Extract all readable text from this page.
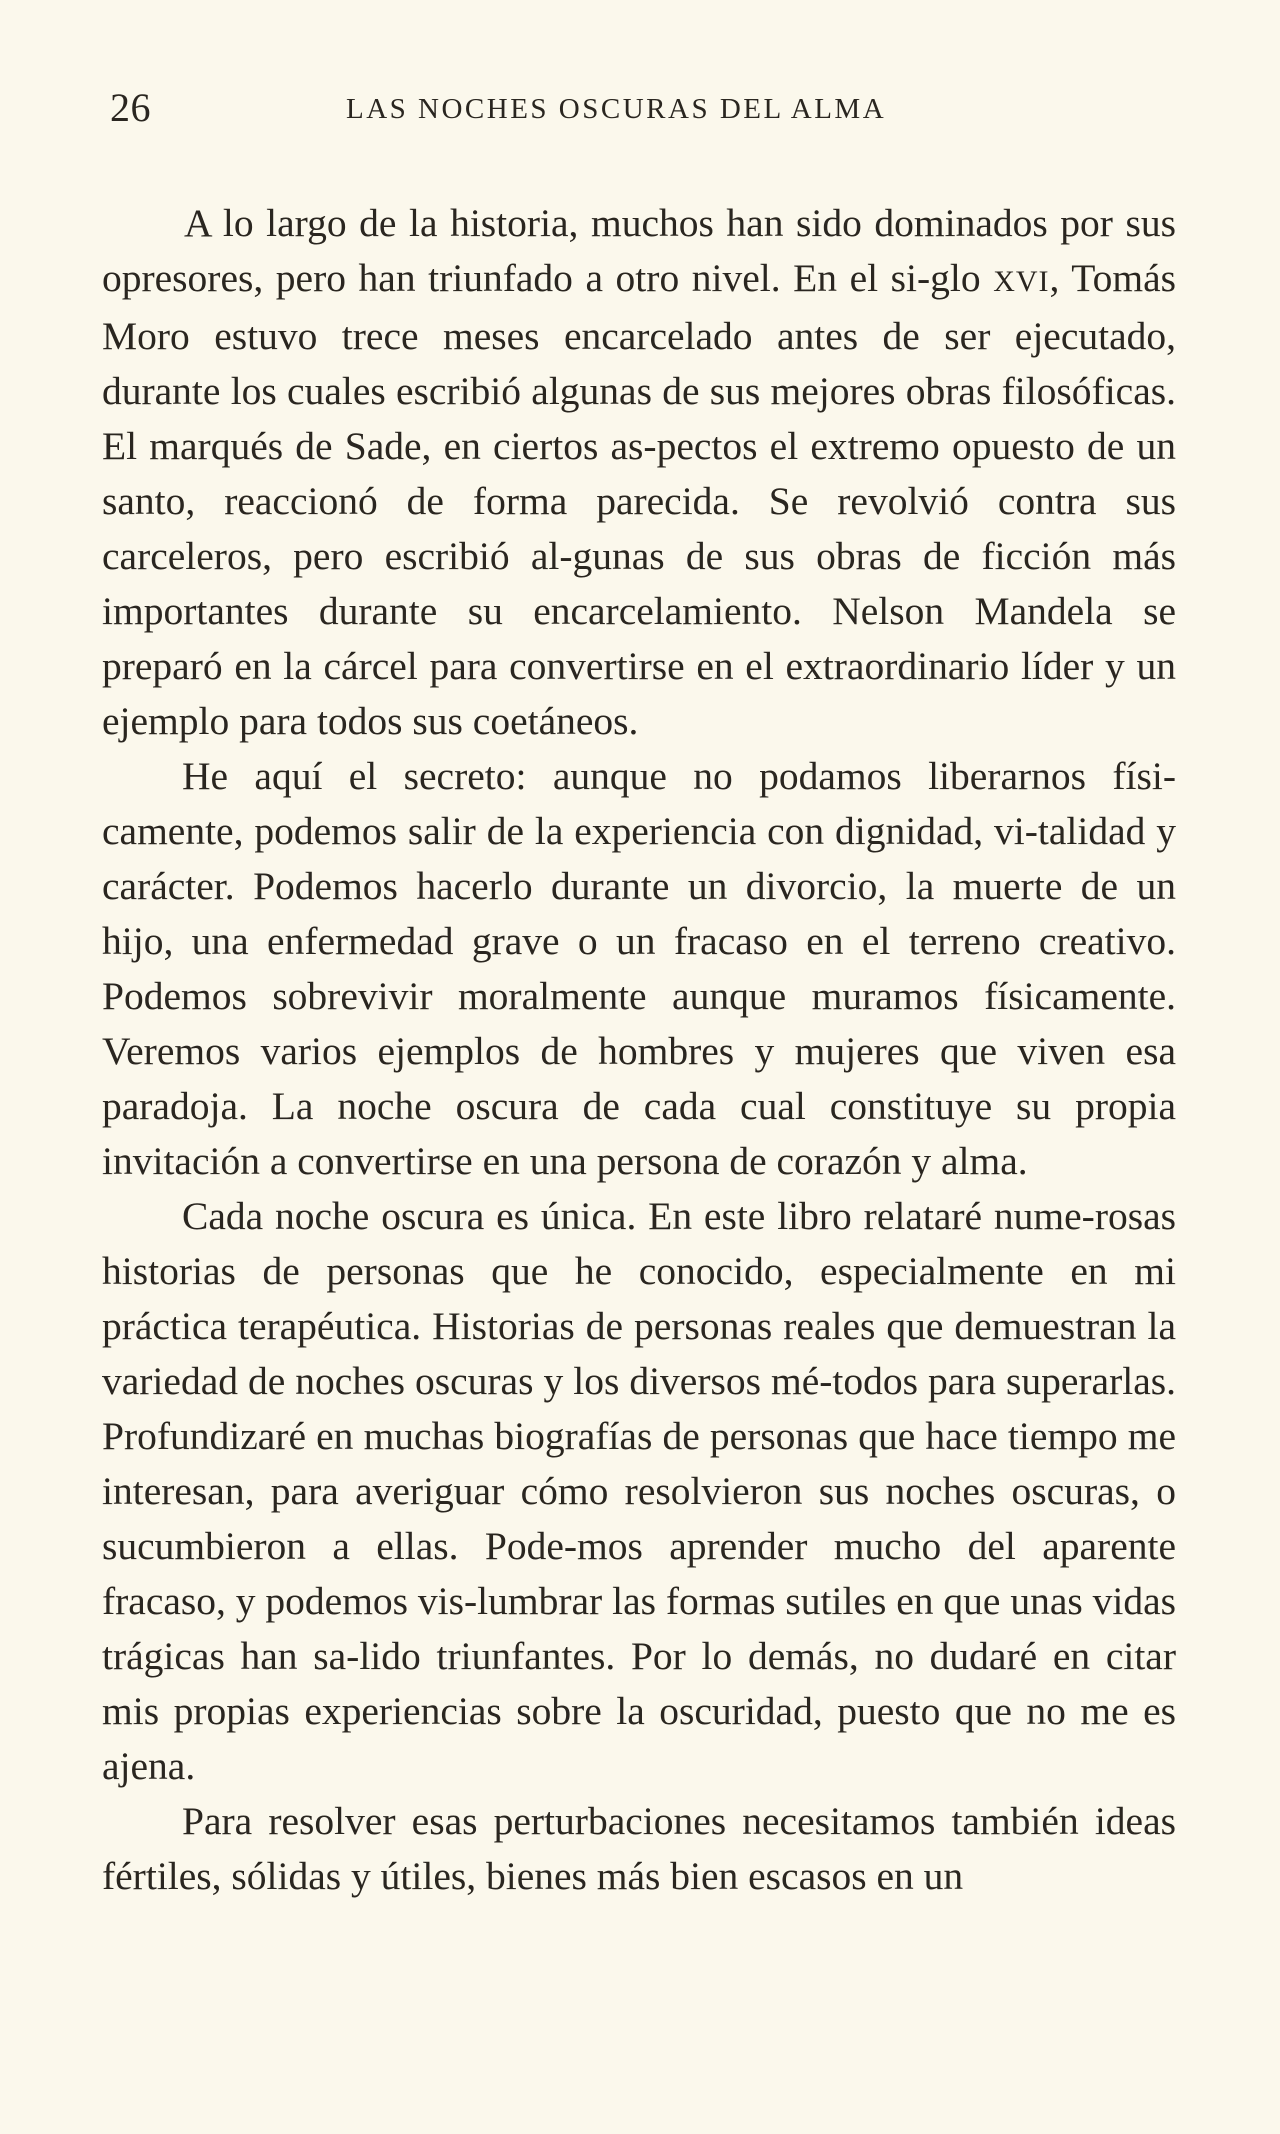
26	LAS NOCHES OSCURAS DEL ALMA

A lo largo de la historia, muchos han sido dominados por sus opresores, pero han triunfado a otro nivel. En el si-glo XVI, Tomás Moro estuvo trece meses encarcelado antes de ser ejecutado, durante los cuales escribió algunas de sus mejores obras filosóficas. El marqués de Sade, en ciertos as-pectos el extremo opuesto de un santo, reaccionó de forma parecida. Se revolvió contra sus carceleros, pero escribió al-gunas de sus obras de ficción más importantes durante su encarcelamiento. Nelson Mandela se preparó en la cárcel para convertirse en el extraordinario líder y un ejemplo para todos sus coetáneos.

He aquí el secreto: aunque no podamos liberarnos físi-camente, podemos salir de la experiencia con dignidad, vi-talidad y carácter. Podemos hacerlo durante un divorcio, la muerte de un hijo, una enfermedad grave o un fracaso en el terreno creativo. Podemos sobrevivir moralmente aunque muramos físicamente. Veremos varios ejemplos de hombres y mujeres que viven esa paradoja. La noche oscura de cada cual constituye su propia invitación a convertirse en una persona de corazón y alma.

Cada noche oscura es única. En este libro relataré nume-rosas historias de personas que he conocido, especialmente en mi práctica terapéutica. Historias de personas reales que demuestran la variedad de noches oscuras y los diversos mé-todos para superarlas. Profundizaré en muchas biografías de personas que hace tiempo me interesan, para averiguar cómo resolvieron sus noches oscuras, o sucumbieron a ellas. Pode-mos aprender mucho del aparente fracaso, y podemos vis-lumbrar las formas sutiles en que unas vidas trágicas han sa-lido triunfantes. Por lo demás, no dudaré en citar mis propias experiencias sobre la oscuridad, puesto que no me es ajena.

Para resolver esas perturbaciones necesitamos también ideas fértiles, sólidas y útiles, bienes más bien escasos en un
